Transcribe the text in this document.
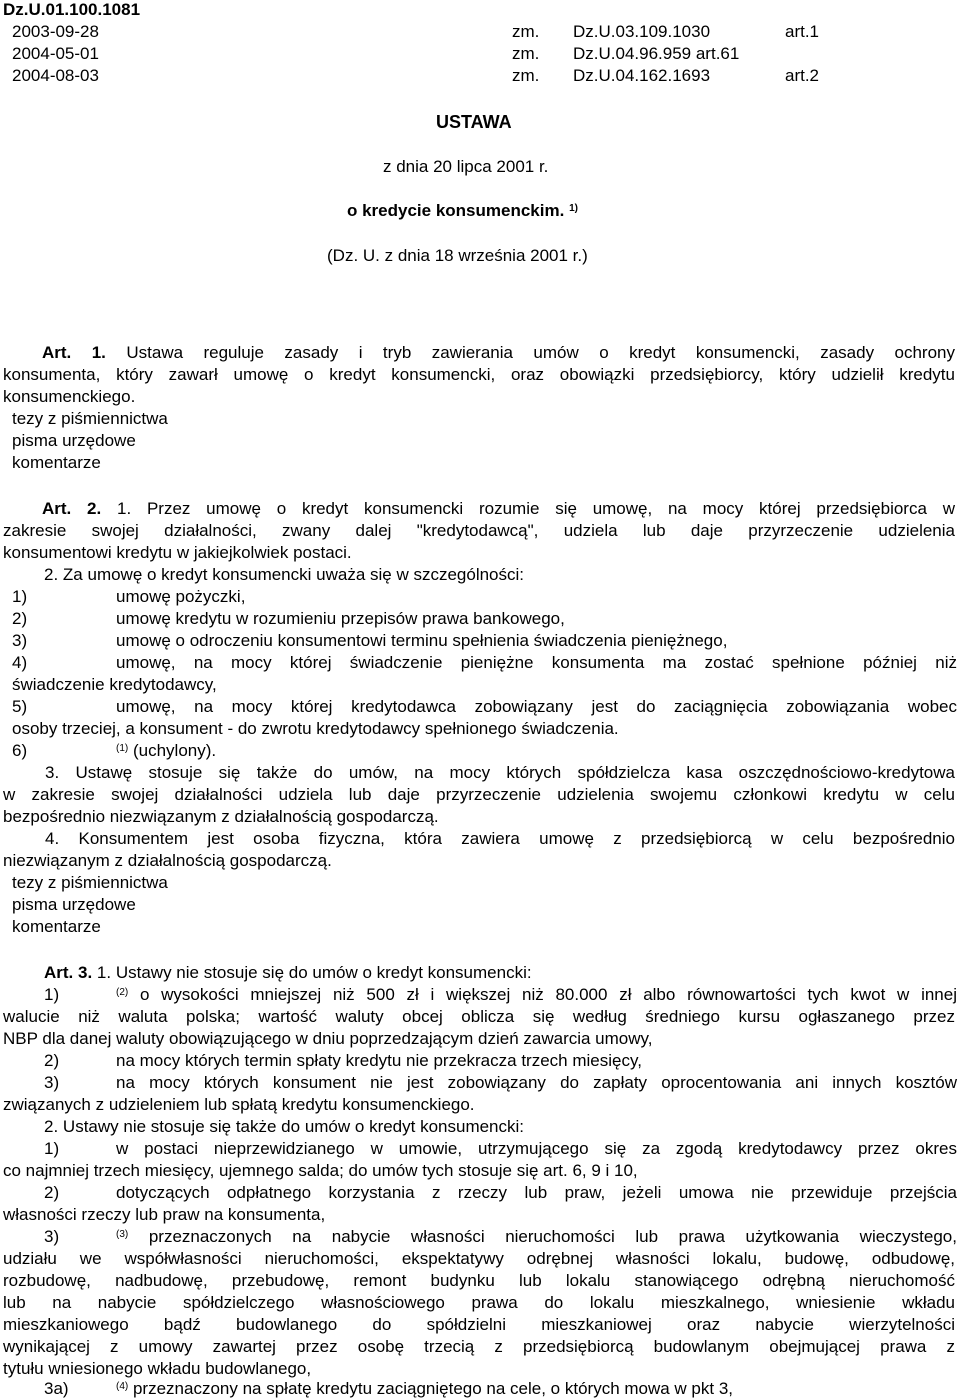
Dz.U.01.100.1081
2003-09-28	zm. Dz.U.03.109.1030	art.1
2004-05-01	zm. Dz.U.04.96.959 art.61
2004-08-03	zm. Dz.U.04.162.1693	art.2
USTAWA
z dnia 20 lipca 2001 r.
o kredycie konsumenckim. $^{1)}$
(Dz. U. z dnia 18 września 2001 r.)
Art. 1. Ustawa reguluje zasady i tryb zawierania umów o kredyt konsumencki, zasady ochrony
konsumenta, który zawarł umowę o kredyt konsumencki, oraz obowiązki przedsiębiorcy, który udzielił kredytu
konsumenckiego.
tezy z piśmiennictwa
pisma urzędowe
komentarze
Art. 2. 1. Przez umowę o kredyt konsumencki rozumie się umowę, na mocy której przedsiębiorca w
zakresie swojej działalności, zwany dalej "kredytodawcą", udziela lub daje przyrzeczenie udzielenia
konsumentowi kredytu w jakiejkolwiek postaci.
2. Za umowę o kredyt konsumencki uważa się w szczególności:
1)	umowę pożyczki,
2)	umowę kredytu w rozumieniu przepisów prawa bankowego,
3)	umowę o odroczeniu konsumentowi terminu spełnienia świadczenia pieniężnego,
4)	umowę, na mocy której świadczenie pieniężne konsumenta ma zostać spełnione później niż
świadczenie kredytodawcy,
5)	umowę, na mocy której kredytodawca zobowiązany jest do zaciągnięcia zobowiązania wobec
osoby trzeciej, a konsument - do zwrotu kredytodawcy spełnionego świadczenia.
6)	$^{(1)}$ (uchylony).
3. Ustawę stosuje się także do umów, na mocy których spółdzielcza kasa oszczędnościowo-kredytowa
w zakresie swojej działalności udziela lub daje przyrzeczenie udzielenia swojemu członkowi kredytu w celu
bezpośrednio niezwiązanym z działalnością gospodarczą.
4. Konsumentem jest osoba fizyczna, która zawiera umowę z przedsiębiorcą w celu bezpośrednio
niezwiązanym z działalnością gospodarczą.
tezy z piśmiennictwa
pisma urzędowe
komentarze
Art. 3. 1. Ustawy nie stosuje się do umów o kredyt konsumencki:
1)	$^{(2)}$ o wysokości mniejszej niż 500 zł i większej niż 80.000 zł albo równowartości tych kwot w innej
walucie niż waluta polska; wartość waluty obcej oblicza się według średniego kursu ogłaszanego przez
NBP dla danej waluty obowiązującego w dniu poprzedzającym dzień zawarcia umowy,
2)	na mocy których termin spłaty kredytu nie przekracza trzech miesięcy,
3)	na mocy których konsument nie jest zobowiązany do zapłaty oprocentowania ani innych kosztów
związanych z udzieleniem lub spłatą kredytu konsumenckiego.
2. Ustawy nie stosuje się także do umów o kredyt konsumencki:
1)	w postaci nieprzewidzianego w umowie, utrzymującego się za zgodą kredytodawcy przez okres
co najmniej trzech miesięcy, ujemnego salda; do umów tych stosuje się art. 6, 9 i 10,
2)	dotyczących odpłatnego korzystania z rzeczy lub praw, jeżeli umowa nie przewiduje przejścia
własności rzeczy lub praw na konsumenta,
3)	$^{(3)}$ przeznaczonych na nabycie własności nieruchomości lub prawa użytkowania wieczystego,
udziału we współwłasności nieruchomości, ekspektatywy odrębnej własności lokalu, budowę, odbudowę,
rozbudowę, nadbudowę, przebudowę, remont budynku lub lokalu stanowiącego odrębną nieruchomość
lub na nabycie spółdzielczego własnościowego prawa do lokalu mieszkalnego, wniesienie wkładu
mieszkaniowego bądź budowlanego do spółdzielni mieszkaniowej oraz nabycie wierzytelności
wynikającej z umowy zawartej przez osobę trzecią z przedsiębiorcą budowlanym obejmującej prawa z
tytułu wniesionego wkładu budowlanego,
3a)	$^{(4)}$ przeznaczony na spłatę kredytu zaciągniętego na cele, o których mowa w pkt 3,
